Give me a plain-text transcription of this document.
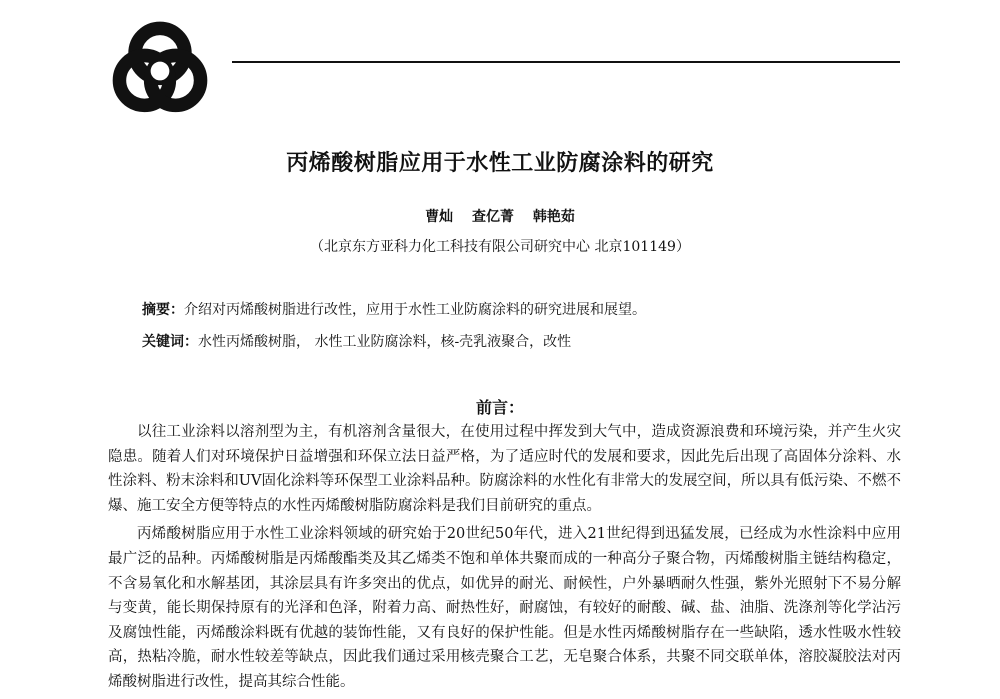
丙烯酸树脂应用于水性工业防腐涂料的研究
曹灿 查亿菁 韩艳茹
（北京东方亚科力化工科技有限公司研究中心 北京101149）
摘要：介绍对丙烯酸树脂进行改性，应用于水性工业防腐涂料的研究进展和展望。
关键词：水性丙烯酸树脂， 水性工业防腐涂料，核-壳乳液聚合，改性
前言：

以往工业涂料以溶剂型为主，有机溶剂含量很大，在使用过程中挥发到大气中，造成资源浪费和环境污染，并产生火灾隐患。随着人们对环境保护日益增强和环保立法日益严格，为了适应时代的发展和要求，因此先后出现了高固体分涂料、水性涂料、粉末涂料和UV固化涂料等环保型工业涂料品种。防腐涂料的水性化有非常大的发展空间，所以具有低污染、不燃不爆、施工安全方便等特点的水性丙烯酸树脂防腐涂料是我们目前研究的重点。

丙烯酸树脂应用于水性工业涂料领域的研究始于20世纪50年代，进入21世纪得到迅猛发展，已经成为水性涂料中应用最广泛的品种。丙烯酸树脂是丙烯酸酯类及其乙烯类不饱和单体共聚而成的一种高分子聚合物，丙烯酸树脂主链结构稳定，不含易氧化和水解基团，其涂层具有许多突出的优点，如优异的耐光、耐候性，户外暴晒耐久性强，紫外光照射下不易分解与变黄，能长期保持原有的光泽和色泽，附着力高、耐热性好，耐腐蚀，有较好的耐酸、碱、盐、油脂、洗涤剂等化学沾污及腐蚀性能，丙烯酸涂料既有优越的装饰性能，又有良好的保护性能。但是水性丙烯酸树脂存在一些缺陷，透水性吸水性较高，热粘冷脆，耐水性较差等缺点，因此我们通过采用核壳聚合工艺，无皂聚合体系，共聚不同交联单体，溶胶凝胶法对丙烯酸树脂进行改性，提高其综合性能。
